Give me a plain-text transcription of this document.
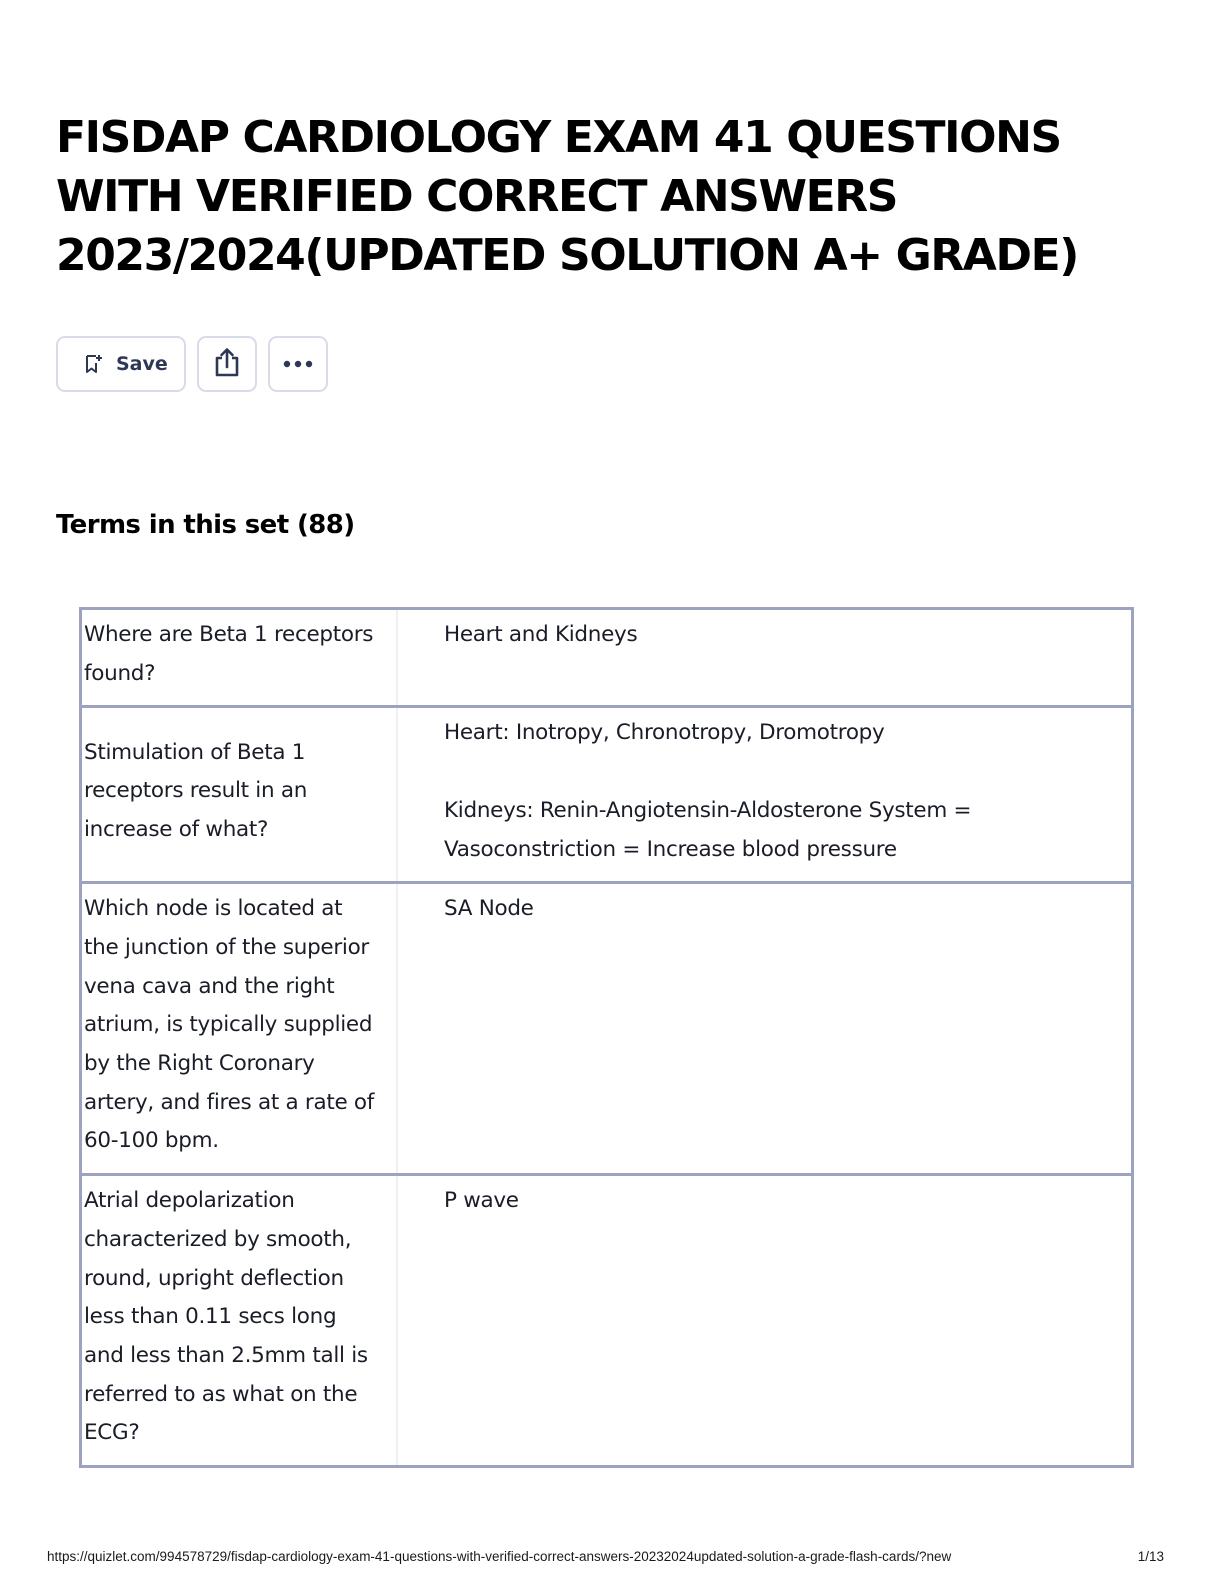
FISDAP CARDIOLOGY EXAM 41 QUESTIONS WITH VERIFIED CORRECT ANSWERS 2023/2024(UPDATED SOLUTION A+ GRADE)
Save
Terms in this set (88)
Where are Beta 1 receptors found?
Heart and Kidneys
Stimulation of Beta 1 receptors result in an increase of what?
Heart: Inotropy, Chronotropy, Dromotropy

Kidneys: Renin-Angiotensin-Aldosterone System = Vasoconstriction = Increase blood pressure
Which node is located at the junction of the superior vena cava and the right atrium, is typically supplied by the Right Coronary artery, and fires at a rate of 60-100 bpm.
SA Node
Atrial depolarization characterized by smooth, round, upright deflection less than 0.11 secs long and less than 2.5mm tall is referred to as what on the ECG?
P wave
https://quizlet.com/994578729/fisdap-cardiology-exam-41-questions-with-verified-correct-answers-20232024updated-solution-a-grade-flash-cards/?new	1/13
